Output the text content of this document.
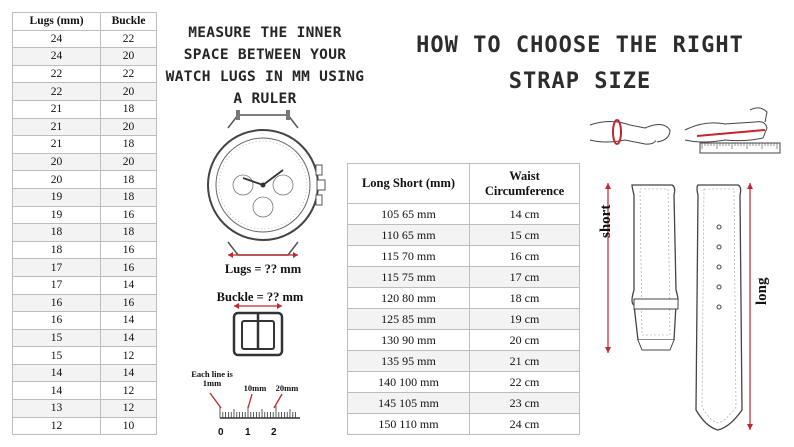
Lugs (mm)	Buckle
24	22
24	20
22	22
22	20
21	18
21	20
21	18
20	20
20	18
19	18
19	16
18	18
18	16
17	16
17	14
16	16
16	14
15	14
15	12
14	14
14	12
13	12
12	10
MEASURE THE INNER SPACE BETWEEN YOUR WATCH LUGS IN MM USING A RULER
HOW TO CHOOSE THE RIGHT STRAP SIZE
Lugs = ?? mm
Buckle = ?? mm
Each line is 1mm	10mm	20mm
0 1 2
Long Short (mm)	Waist Circumference
105 65 mm	14 cm
110 65 mm	15 cm
115 70 mm	16 cm
115 75 mm	17 cm
120 80 mm	18 cm
125 85 mm	19 cm
130 90 mm	20 cm
135 95 mm	21 cm
140 100 mm	22 cm
145 105 mm	23 cm
150 110 mm	24 cm
short
long
